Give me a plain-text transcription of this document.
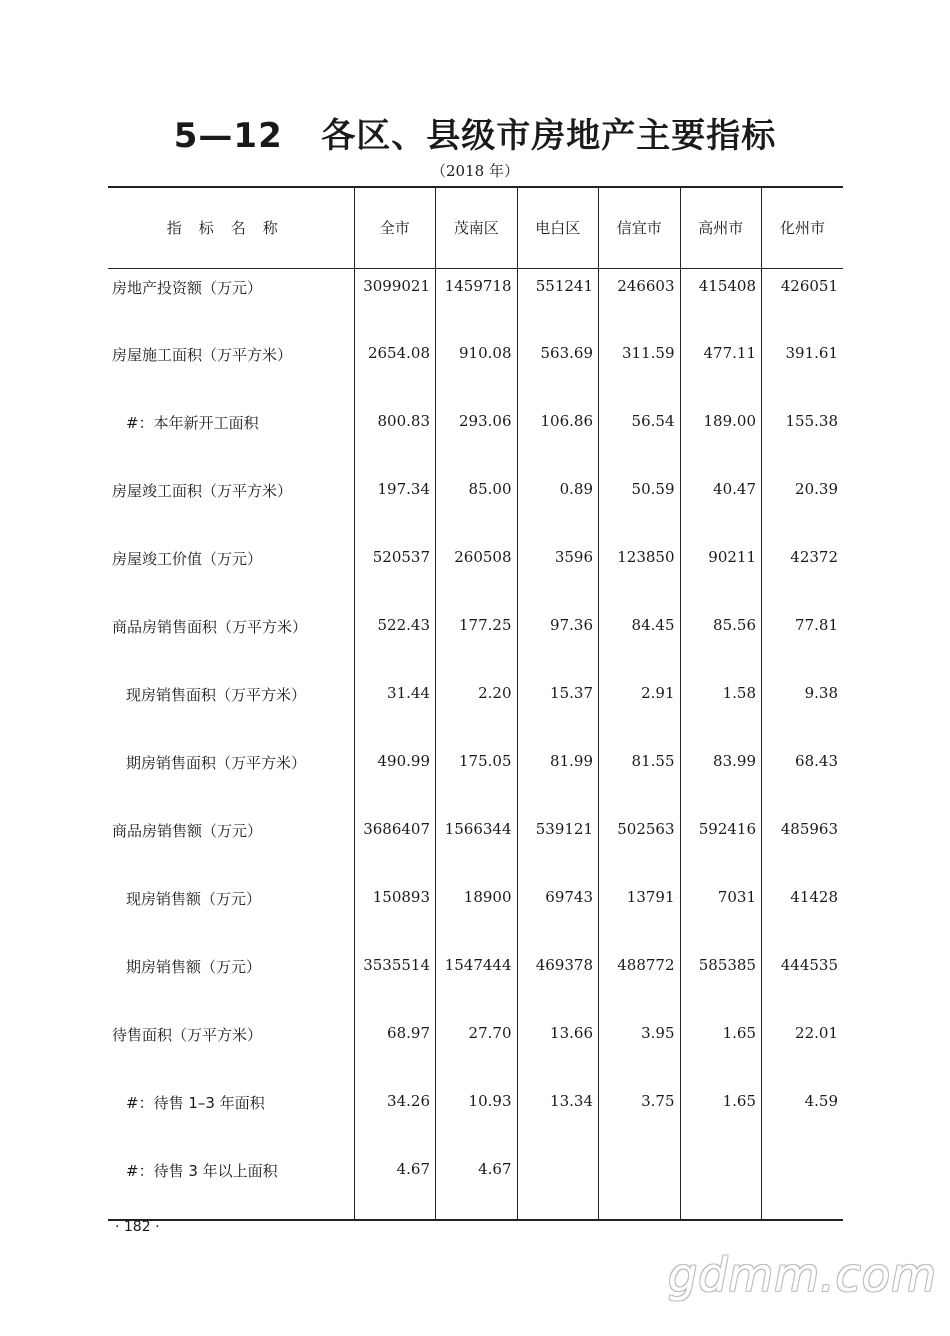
5—12   各区、县级市房地产主要指标
（2018 年）
指标名称	全市	茂南区	电白区	信宜市	高州市	化州市
房地产投资额（万元）	3099021	1459718	551241	246603	415408	426051
房屋施工面积（万平方米）	2654.08	910.08	563.69	311.59	477.11	391.61
#：本年新开工面积	800.83	293.06	106.86	56.54	189.00	155.38
房屋竣工面积（万平方米）	197.34	85.00	0.89	50.59	40.47	20.39
房屋竣工价值（万元）	520537	260508	3596	123850	90211	42372
商品房销售面积（万平方米）	522.43	177.25	97.36	84.45	85.56	77.81
现房销售面积（万平方米）	31.44	2.20	15.37	2.91	1.58	9.38
期房销售面积（万平方米）	490.99	175.05	81.99	81.55	83.99	68.43
商品房销售额（万元）	3686407	1566344	539121	502563	592416	485963
现房销售额（万元）	150893	18900	69743	13791	7031	41428
期房销售额（万元）	3535514	1547444	469378	488772	585385	444535
待售面积（万平方米）	68.97	27.70	13.66	3.95	1.65	22.01
#：待售 1–3 年面积	34.26	10.93	13.34	3.75	1.65	4.59
#：待售 3 年以上面积	4.67	4.67				
· 182 ·
gdmm.com
